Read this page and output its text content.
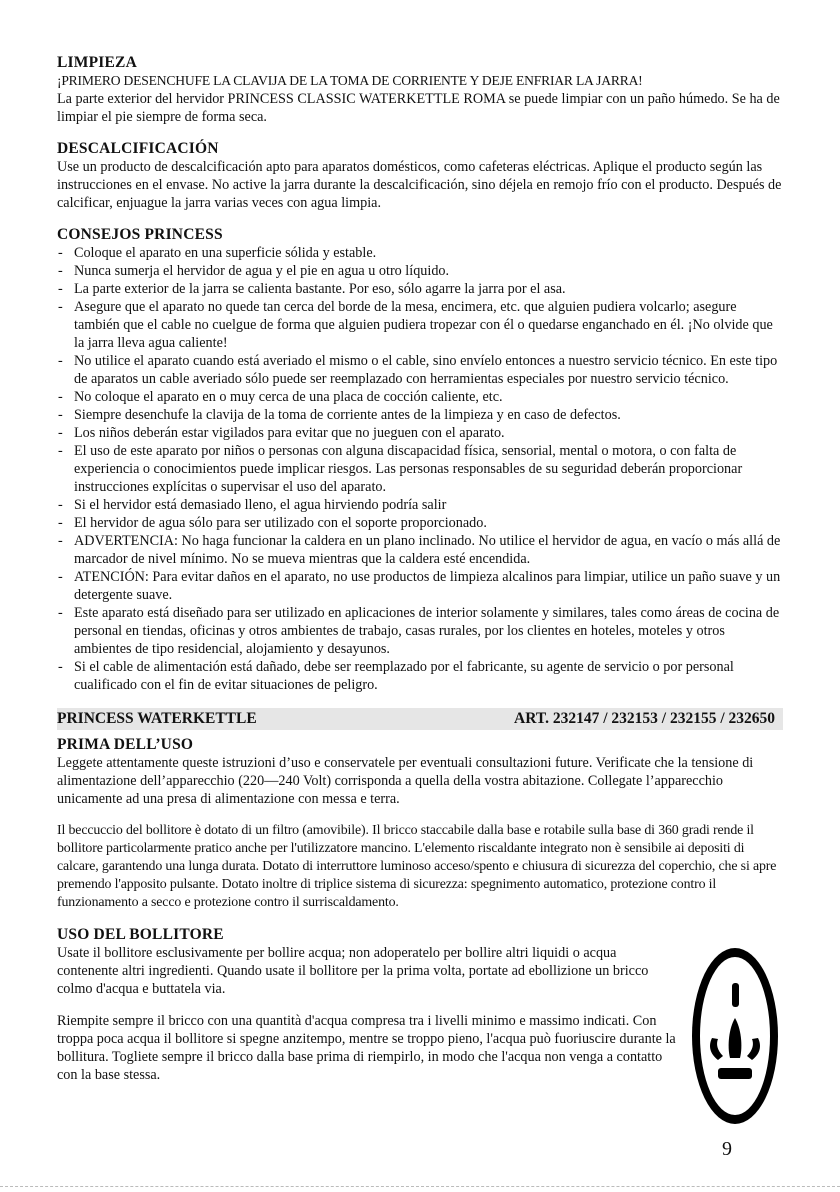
LIMPIEZA

¡PRIMERO DESENCHUFE LA CLAVIJA DE LA TOMA DE CORRIENTE Y DEJE ENFRIAR LA JARRA!

La parte exterior del hervidor PRINCESS CLASSIC WATERKETTLE ROMA se puede limpiar con un paño húmedo. Se ha de limpiar el pie siempre de forma seca.

DESCALCIFICACIÓN

Use un producto de descalcificación apto para aparatos domésticos, como cafeteras eléctricas. Aplique el producto según las instrucciones en el envase. No active la jarra durante la descalcificación, sino déjela en remojo frío con el producto. Después de calcificar, enjuague la jarra varias veces con agua limpia.

CONSEJOS PRINCESS
- Coloque el aparato en una superficie sólida y estable.
- Nunca sumerja el hervidor de agua y el pie en agua u otro líquido.
- La parte exterior de la jarra se calienta bastante. Por eso, sólo agarre la jarra por el asa.
- Asegure que el aparato no quede tan cerca del borde de la mesa, encimera, etc. que alguien pudiera volcarlo; asegure también que el cable no cuelgue de forma que alguien pudiera tropezar con él o quedarse enganchado en él. ¡No olvide que la jarra lleva agua caliente!
- No utilice el aparato cuando está averiado el mismo o el cable, sino envíelo entonces a nuestro servicio técnico. En este tipo de aparatos un cable averiado sólo puede ser reemplazado con herramientas especiales por nuestro servicio técnico.
- No coloque el aparato en o muy cerca de una placa de cocción caliente, etc.
- Siempre desenchufe la clavija de la toma de corriente antes de la limpieza y en caso de defectos.
- Los niños deberán estar vigilados para evitar que no jueguen con el aparato.
- El uso de este aparato por niños o personas con alguna discapacidad física, sensorial, mental o motora, o con falta de experiencia o conocimientos puede implicar riesgos. Las personas responsables de su seguridad deberán proporcionar instrucciones explícitas o supervisar el uso del aparato.
- Si el hervidor está demasiado lleno, el agua hirviendo podría salir
- El hervidor de agua sólo para ser utilizado con el soporte proporcionado.
- ADVERTENCIA: No haga funcionar la caldera en un plano inclinado. No utilice el hervidor de agua, en vacío o más allá de marcador de nivel mínimo. No se mueva mientras que la caldera esté encendida.
- ATENCIÓN: Para evitar daños en el aparato, no use productos de limpieza alcalinos para limpiar, utilice un paño suave y un detergente suave.
- Este aparato está diseñado para ser utilizado en aplicaciones de interior solamente y similares, tales como áreas de cocina de personal en tiendas, oficinas y otros ambientes de trabajo, casas rurales, por los clientes en hoteles, moteles y otros ambientes de tipo residencial, alojamiento y desayunos.
- Si el cable de alimentación está dañado, debe ser reemplazado por el fabricante, su agente de servicio o por personal cualificado con el fin de evitar situaciones de peligro.
PRINCESS WATERKETTLE	ART. 232147 / 232153 / 232155 / 232650
PRIMA DELL’USO

Leggete attentamente queste istruzioni d’uso e conservatele per eventuali consultazioni future. Verificate che la tensione di alimentazione dell’apparecchio (220—240 Volt) corrisponda a quella della vostra abitazione. Collegate l’apparecchio unicamente ad una presa di alimentazione con messa e terra.

Il beccuccio del bollitore è dotato di un filtro (amovibile). Il bricco staccabile dalla base e rotabile sulla base di 360 gradi rende il bollitore particolarmente pratico anche per l'utilizzatore mancino. L'elemento riscaldante integrato non è sensibile ai depositi di calcare, garantendo una lunga durata. Dotato di interruttore luminoso acceso/spento e chiusura di sicurezza del coperchio, che si apre premendo l'apposito pulsante. Dotato inoltre di triplice sistema di sicurezza: spegnimento automatico, protezione contro il funzionamento a secco e protezione contro il surriscaldamento.

USO DEL BOLLITORE

Usate il bollitore esclusivamente per bollire acqua; non adoperatelo per bollire altri liquidi o acqua contenente altri ingredienti. Quando usate il bollitore per la prima volta, portate ad ebollizione un bricco colmo d'acqua e buttatela via.

Riempite sempre il bricco con una quantità d'acqua compresa tra i livelli minimo e massimo indicati. Con troppa poca acqua il bollitore si spegne anzitempo, mentre se troppo pieno, l'acqua può fuoriuscire durante la bollitura. Togliete sempre il bricco dalla base prima di riempirlo, in modo che l'acqua non venga a contatto con la base stessa.

9
